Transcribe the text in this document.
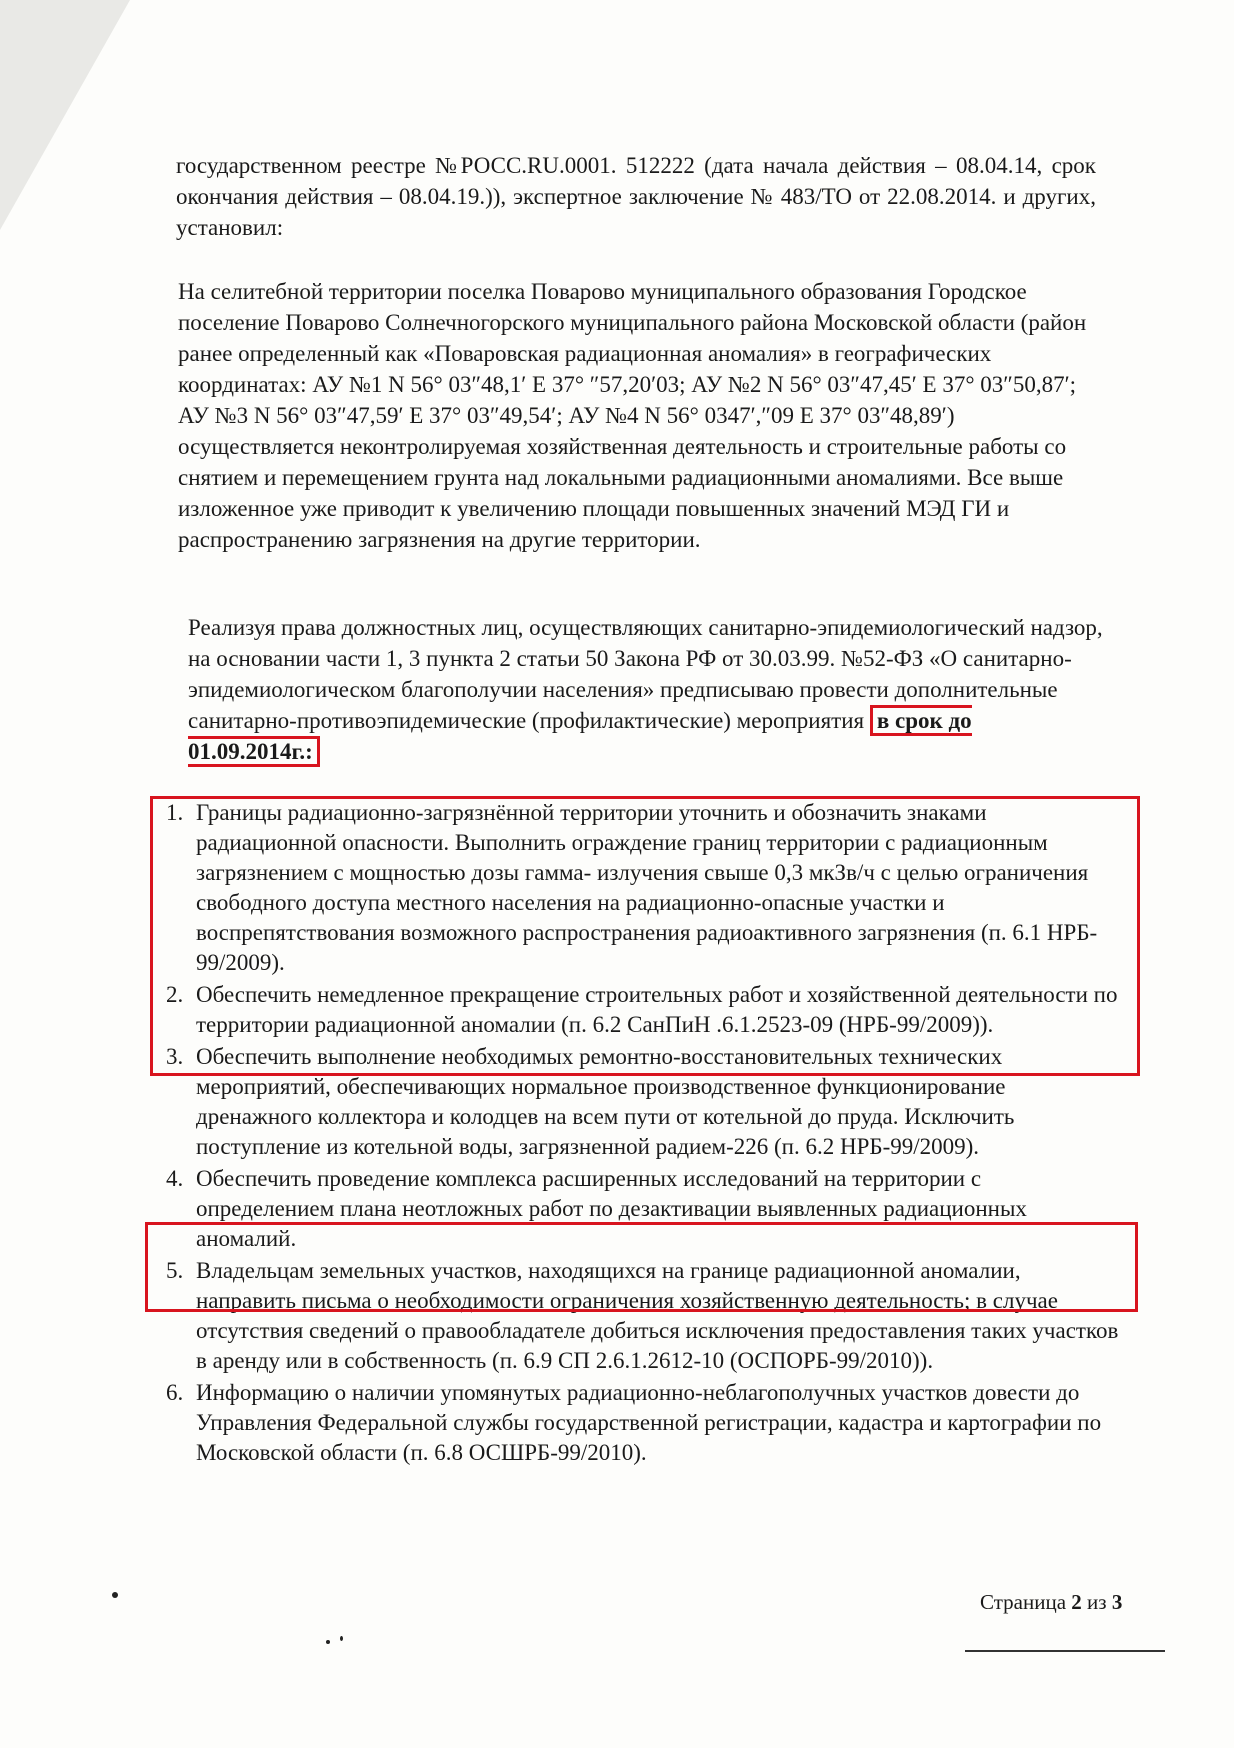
государственном реестре №РОСС.RU.0001. 512222 (дата начала действия – 08.04.14, срок окончания действия – 08.04.19.)), экспертное заключение № 483/ТО от 22.08.2014. и других, установил:

На селитебной территории поселка Поварово муниципального образования Городское поселение Поварово Солнечногорского муниципального района Московской области (район ранее определенный как «Поваровская радиационная аномалия» в географических координатах: АУ №1 N 56° 03″48,1′ E 37° ″57,20′03; АУ №2 N 56° 03″47,45′ E 37° 03″50,87′; АУ №3 N 56° 03″47,59′ E 37° 03″49,54′; АУ №4 N 56° 0347′,″09 E 37° 03″48,89′) осуществляется неконтролируемая хозяйственная деятельность и строительные работы со снятием и перемещением грунта над локальными радиационными аномалиями. Все выше изложенное уже приводит к увеличению площади повышенных значений МЭД ГИ и распространению загрязнения на другие территории.

Реализуя права должностных лиц, осуществляющих санитарно-эпидемиологический надзор, на основании части 1, 3 пункта 2 статьи 50 Закона РФ от 30.03.99. №52-ФЗ «О санитарно-эпидемиологическом благополучии населения» предписываю провести дополнительные санитарно-противоэпидемические (профилактические) мероприятия в срок до 01.09.2014г.:

1. Границы радиационно-загрязнённой территории уточнить и обозначить знаками радиационной опасности. Выполнить ограждение границ территории с радиационным загрязнением с мощностью дозы гамма- излучения свыше 0,3 мкЗв/ч с целью ограничения свободного доступа местного населения на радиационно-опасные участки и воспрепятствования возможного распространения радиоактивного загрязнения (п. 6.1 НРБ- 99/2009).
2. Обеспечить немедленное прекращение строительных работ и хозяйственной деятельности по территории радиационной аномалии (п. 6.2 СанПиН .6.1.2523-09 (НРБ-99/2009)).
3. Обеспечить выполнение необходимых ремонтно-восстановительных технических мероприятий, обеспечивающих нормальное производственное функционирование дренажного коллектора и колодцев на всем пути от котельной до пруда. Исключить поступление из котельной воды, загрязненной радием-226 (п. 6.2 НРБ-99/2009).
4. Обеспечить проведение комплекса расширенных исследований на территории с определением плана неотложных работ по дезактивации выявленных радиационных аномалий.
5. Владельцам земельных участков, находящихся на границе радиационной аномалии, направить письма о необходимости ограничения хозяйственную деятельность; в случае отсутствия сведений о правообладателе добиться исключения предоставления таких участков в аренду или в собственность (п. 6.9 СП 2.6.1.2612-10 (ОСПОРБ-99/2010)).
6. Информацию о наличии упомянутых радиационно-неблагополучных участков довести до Управления Федеральной службы государственной регистрации, кадастра и картографии по Московской области (п. 6.8 ОСШРБ-99/2010).
Страница 2 из 3
